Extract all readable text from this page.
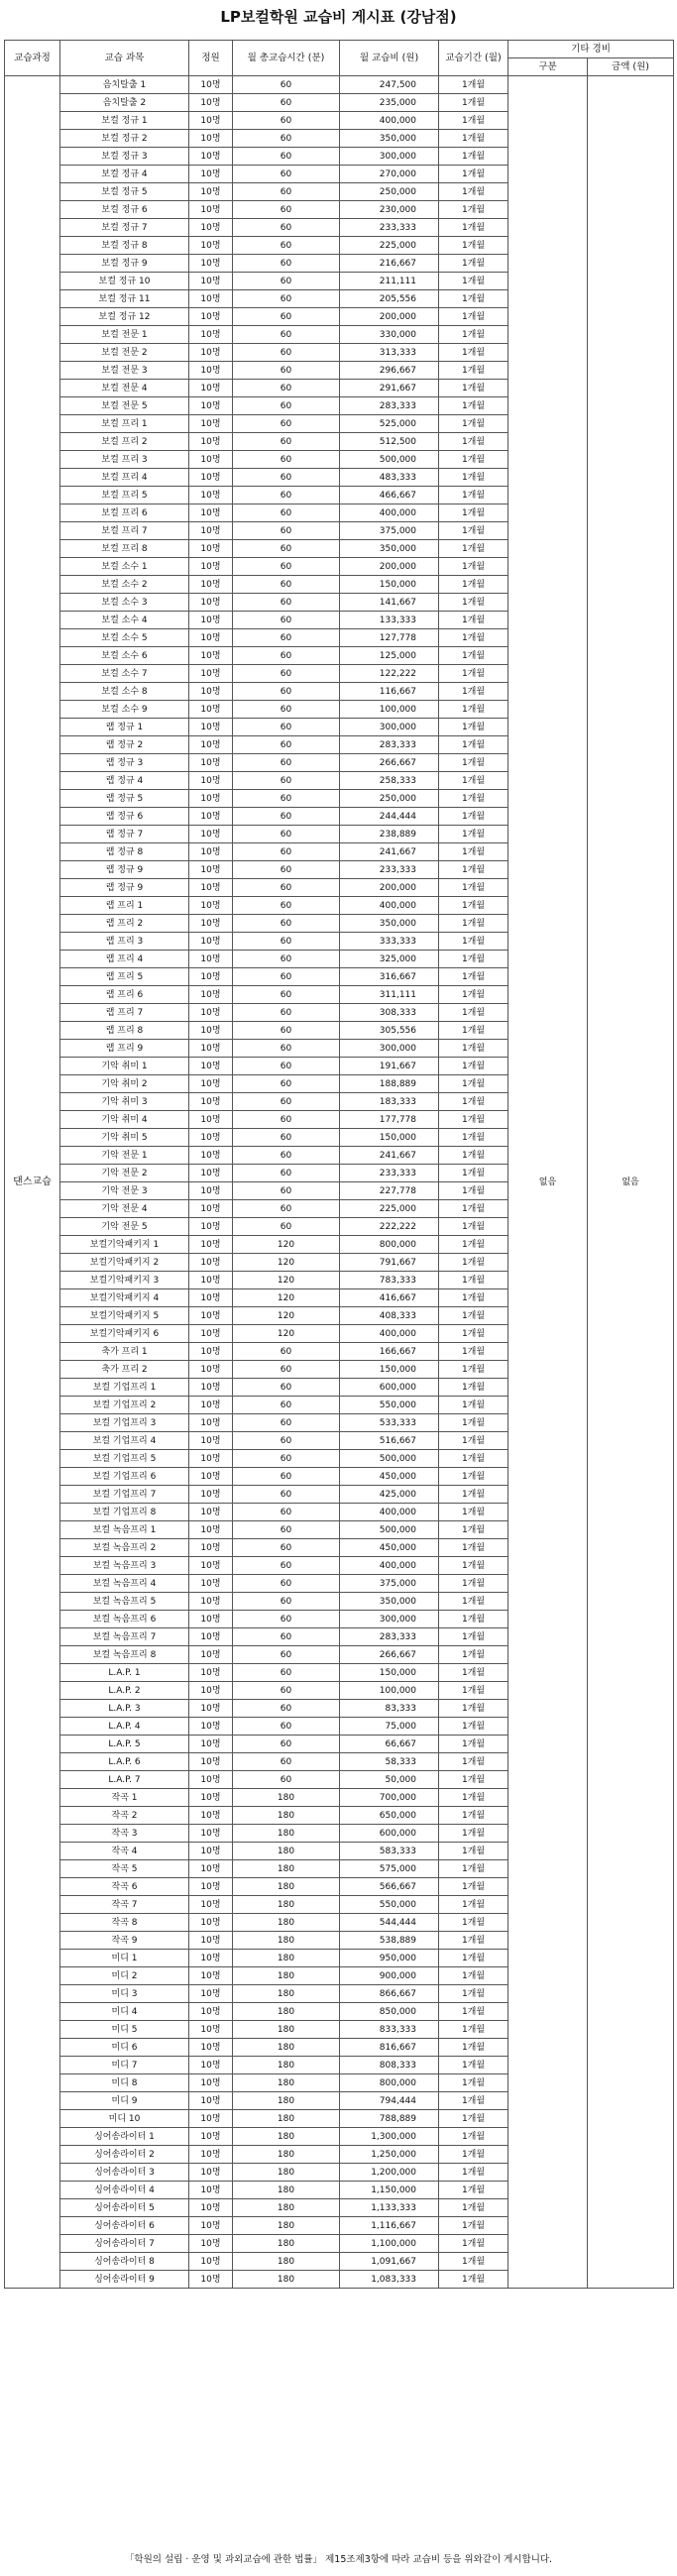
LP보컬학원 교습비 게시표 (강남점)
교습과정	교습 과목	정원	월 총교습시간 (분)	월 교습비 (원)	교습기간 (월)	기타 경비	
						구분	금액 (원)
댄스교습	음치탈출 1	10명	60	247,500	1개월	없음	없음
	음치탈출 2	10명	60	235,000	1개월		
	보컬 정규 1	10명	60	400,000	1개월		
	보컬 정규 2	10명	60	350,000	1개월		
	보컬 정규 3	10명	60	300,000	1개월		
	보컬 정규 4	10명	60	270,000	1개월		
	보컬 정규 5	10명	60	250,000	1개월		
	보컬 정규 6	10명	60	230,000	1개월		
	보컬 정규 7	10명	60	233,333	1개월		
	보컬 정규 8	10명	60	225,000	1개월		
	보컬 정규 9	10명	60	216,667	1개월		
	보컬 정규 10	10명	60	211,111	1개월		
	보컬 정규 11	10명	60	205,556	1개월		
	보컬 정규 12	10명	60	200,000	1개월		
	보컬 전문 1	10명	60	330,000	1개월		
	보컬 전문 2	10명	60	313,333	1개월		
	보컬 전문 3	10명	60	296,667	1개월		
	보컬 전문 4	10명	60	291,667	1개월		
	보컬 전문 5	10명	60	283,333	1개월		
	보컬 프리 1	10명	60	525,000	1개월		
	보컬 프리 2	10명	60	512,500	1개월		
	보컬 프리 3	10명	60	500,000	1개월		
	보컬 프리 4	10명	60	483,333	1개월		
	보컬 프리 5	10명	60	466,667	1개월		
	보컬 프리 6	10명	60	400,000	1개월		
	보컬 프리 7	10명	60	375,000	1개월		
	보컬 프리 8	10명	60	350,000	1개월		
	보컬 소수 1	10명	60	200,000	1개월		
	보컬 소수 2	10명	60	150,000	1개월		
	보컬 소수 3	10명	60	141,667	1개월		
	보컬 소수 4	10명	60	133,333	1개월		
	보컬 소수 5	10명	60	127,778	1개월		
	보컬 소수 6	10명	60	125,000	1개월		
	보컬 소수 7	10명	60	122,222	1개월		
	보컬 소수 8	10명	60	116,667	1개월		
	보컬 소수 9	10명	60	100,000	1개월		
	랩 정규 1	10명	60	300,000	1개월		
	랩 정규 2	10명	60	283,333	1개월		
	랩 정규 3	10명	60	266,667	1개월		
	랩 정규 4	10명	60	258,333	1개월		
	랩 정규 5	10명	60	250,000	1개월		
	랩 정규 6	10명	60	244,444	1개월		
	랩 정규 7	10명	60	238,889	1개월		
	랩 정규 8	10명	60	241,667	1개월		
	랩 정규 9	10명	60	233,333	1개월		
	랩 정규 9	10명	60	200,000	1개월		
	랩 프리 1	10명	60	400,000	1개월		
	랩 프리 2	10명	60	350,000	1개월		
	랩 프리 3	10명	60	333,333	1개월		
	랩 프리 4	10명	60	325,000	1개월		
	랩 프리 5	10명	60	316,667	1개월		
	랩 프리 6	10명	60	311,111	1개월		
	랩 프리 7	10명	60	308,333	1개월		
	랩 프리 8	10명	60	305,556	1개월		
	랩 프리 9	10명	60	300,000	1개월		
	기악 취미 1	10명	60	191,667	1개월		
	기악 취미 2	10명	60	188,889	1개월		
	기악 취미 3	10명	60	183,333	1개월		
	기악 취미 4	10명	60	177,778	1개월		
	기악 취미 5	10명	60	150,000	1개월		
	기악 전문 1	10명	60	241,667	1개월		
	기악 전문 2	10명	60	233,333	1개월		
	기악 전문 3	10명	60	227,778	1개월		
	기악 전문 4	10명	60	225,000	1개월		
	기악 전문 5	10명	60	222,222	1개월		
	보컬기악패키지 1	10명	120	800,000	1개월		
	보컬기악패키지 2	10명	120	791,667	1개월		
	보컬기악패키지 3	10명	120	783,333	1개월		
	보컬기악패키지 4	10명	120	416,667	1개월		
	보컬기악패키지 5	10명	120	408,333	1개월		
	보컬기악패키지 6	10명	120	400,000	1개월		
	축가 프리 1	10명	60	166,667	1개월		
	축가 프리 2	10명	60	150,000	1개월		
	보컬 기업프리 1	10명	60	600,000	1개월		
	보컬 기업프리 2	10명	60	550,000	1개월		
	보컬 기업프리 3	10명	60	533,333	1개월		
	보컬 기업프리 4	10명	60	516,667	1개월		
	보컬 기업프리 5	10명	60	500,000	1개월		
	보컬 기업프리 6	10명	60	450,000	1개월		
	보컬 기업프리 7	10명	60	425,000	1개월		
	보컬 기업프리 8	10명	60	400,000	1개월		
	보컬 녹음프리 1	10명	60	500,000	1개월		
	보컬 녹음프리 2	10명	60	450,000	1개월		
	보컬 녹음프리 3	10명	60	400,000	1개월		
	보컬 녹음프리 4	10명	60	375,000	1개월		
	보컬 녹음프리 5	10명	60	350,000	1개월		
	보컬 녹음프리 6	10명	60	300,000	1개월		
	보컬 녹음프리 7	10명	60	283,333	1개월		
	보컬 녹음프리 8	10명	60	266,667	1개월		
	L.A.P. 1	10명	60	150,000	1개월		
	L.A.P. 2	10명	60	100,000	1개월		
	L.A.P. 3	10명	60	83,333	1개월		
	L.A.P. 4	10명	60	75,000	1개월		
	L.A.P. 5	10명	60	66,667	1개월		
	L.A.P. 6	10명	60	58,333	1개월		
	L.A.P. 7	10명	60	50,000	1개월		
	작곡 1	10명	180	700,000	1개월		
	작곡 2	10명	180	650,000	1개월		
	작곡 3	10명	180	600,000	1개월		
	작곡 4	10명	180	583,333	1개월		
	작곡 5	10명	180	575,000	1개월		
	작곡 6	10명	180	566,667	1개월		
	작곡 7	10명	180	550,000	1개월		
	작곡 8	10명	180	544,444	1개월		
	작곡 9	10명	180	538,889	1개월		
	미디 1	10명	180	950,000	1개월		
	미디 2	10명	180	900,000	1개월		
	미디 3	10명	180	866,667	1개월		
	미디 4	10명	180	850,000	1개월		
	미디 5	10명	180	833,333	1개월		
	미디 6	10명	180	816,667	1개월		
	미디 7	10명	180	808,333	1개월		
	미디 8	10명	180	800,000	1개월		
	미디 9	10명	180	794,444	1개월		
	미디 10	10명	180	788,889	1개월		
	싱어송라이터 1	10명	180	1,300,000	1개월		
	싱어송라이터 2	10명	180	1,250,000	1개월		
	싱어송라이터 3	10명	180	1,200,000	1개월		
	싱어송라이터 4	10명	180	1,150,000	1개월		
	싱어송라이터 5	10명	180	1,133,333	1개월		
	싱어송라이터 6	10명	180	1,116,667	1개월		
	싱어송라이터 7	10명	180	1,100,000	1개월		
	싱어송라이터 8	10명	180	1,091,667	1개월		
	싱어송라이터 9	10명	180	1,083,333	1개월		
「학원의 설립 · 운영 및 과외교습에 관한 법률」 제15조제3항에 따라 교습비 등을 위와같이 게시합니다.
